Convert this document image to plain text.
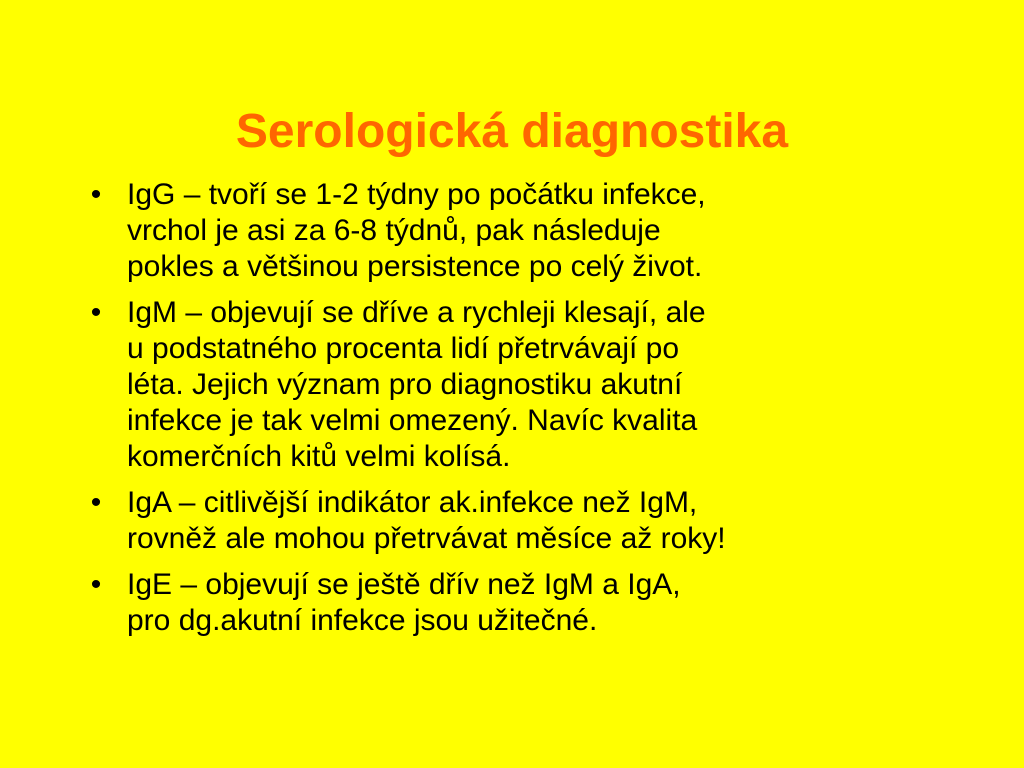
Serologická diagnostika
• IgG – tvoří se 1-2 týdny po počátku infekce,
vrchol je asi za 6-8 týdnů, pak následuje
pokles a většinou persistence po celý život.
• IgM – objevují se dříve a rychleji klesají, ale
u podstatného procenta lidí přetrvávají po
léta. Jejich význam pro diagnostiku akutní
infekce je tak velmi omezený. Navíc kvalita
komerčních kitů velmi kolísá.
• IgA – citlivější indikátor ak.infekce než IgM,
rovněž ale mohou přetrvávat měsíce až roky!
• IgE – objevují se ještě dřív než IgM a IgA,
pro dg.akutní infekce jsou užitečné.
